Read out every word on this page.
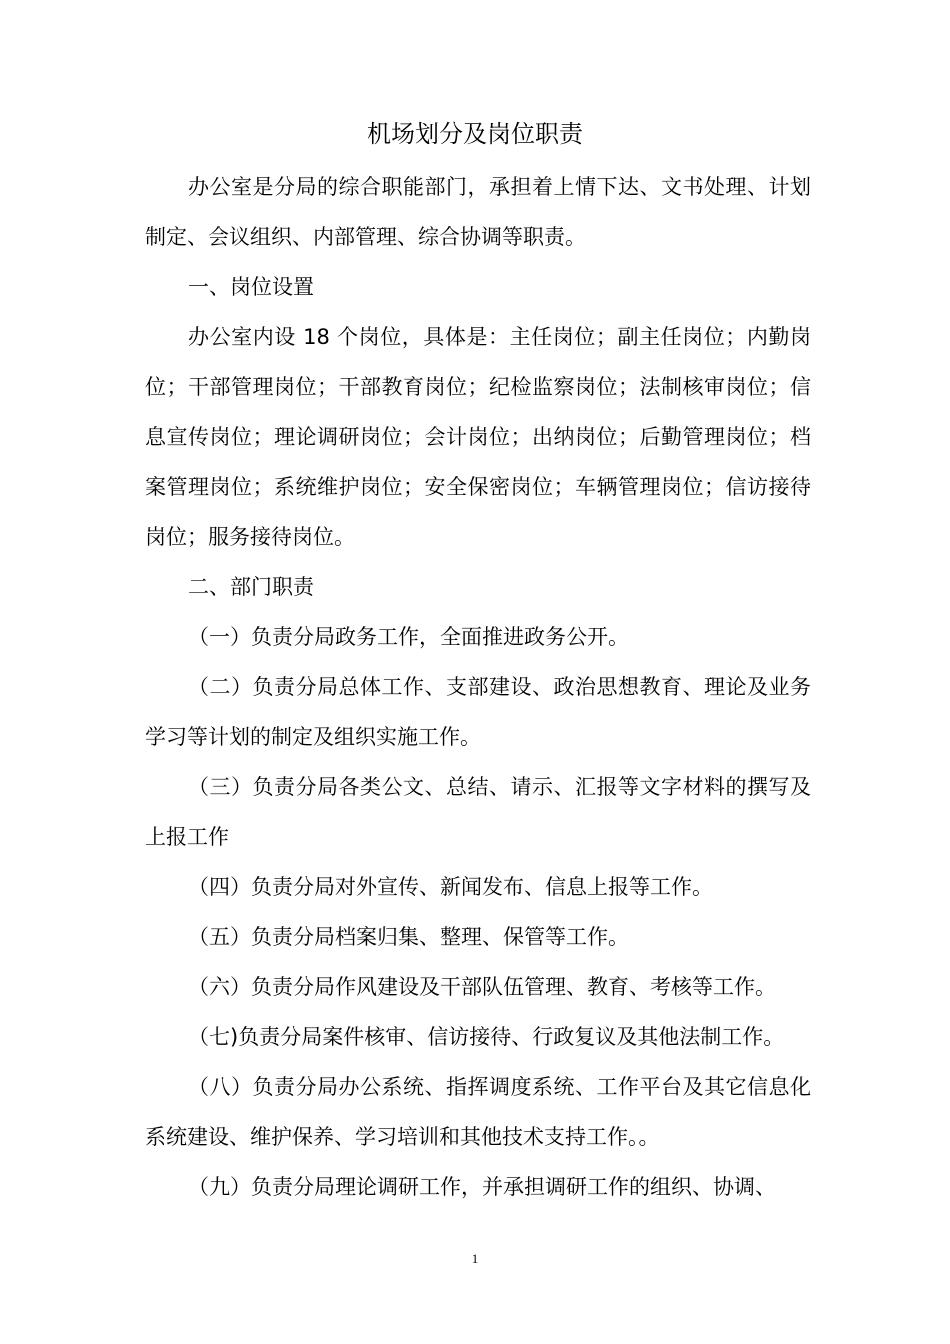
机场划分及岗位职责

办公室是分局的综合职能部门，承担着上情下达、文书处理、计划制定、会议组织、内部管理、综合协调等职责。

一、岗位设置

办公室内设 18 个岗位，具体是：主任岗位；副主任岗位；内勤岗位；干部管理岗位；干部教育岗位；纪检监察岗位；法制核审岗位；信息宣传岗位；理论调研岗位；会计岗位；出纳岗位；后勤管理岗位；档案管理岗位；系统维护岗位；安全保密岗位；车辆管理岗位；信访接待岗位；服务接待岗位。

二、部门职责

（一）负责分局政务工作，全面推进政务公开。

（二）负责分局总体工作、支部建设、政治思想教育、理论及业务学习等计划的制定及组织实施工作。

（三）负责分局各类公文、总结、请示、汇报等文字材料的撰写及上报工作

（四）负责分局对外宣传、新闻发布、信息上报等工作。

（五）负责分局档案归集、整理、保管等工作。

（六）负责分局作风建设及干部队伍管理、教育、考核等工作。

（七)负责分局案件核审、信访接待、行政复议及其他法制工作。

（八）负责分局办公系统、指挥调度系统、工作平台及其它信息化系统建设、维护保养、学习培训和其他技术支持工作。。

（九）负责分局理论调研工作，并承担调研工作的组织、协调、

1
